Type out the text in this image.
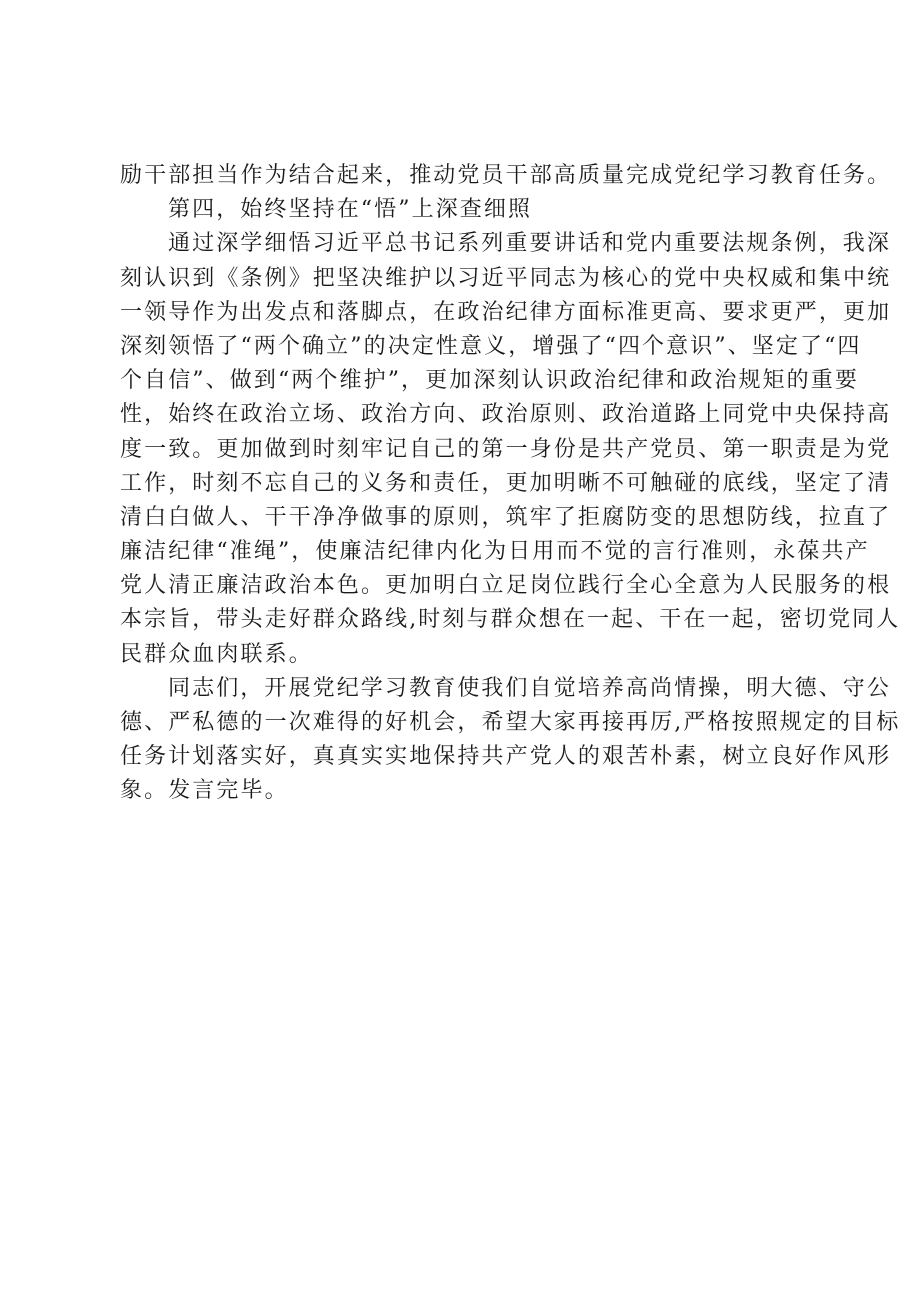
励干部担当作为结合起来，推动党员干部高质量完成党纪学习教育任务。
第四，始终坚持在“悟”上深查细照
通过深学细悟习近平总书记系列重要讲话和党内重要法规条例，我深
刻认识到《条例》把坚决维护以习近平同志为核心的党中央权威和集中统
一领导作为出发点和落脚点，在政治纪律方面标准更高、要求更严，更加
深刻领悟了“两个确立”的决定性意义，增强了“四个意识”、坚定了“四
个自信”、做到“两个维护”，更加深刻认识政治纪律和政治规矩的重要
性，始终在政治立场、政治方向、政治原则、政治道路上同党中央保持高
度一致。更加做到时刻牢记自己的第一身份是共产党员、第一职责是为党
工作，时刻不忘自己的义务和责任，更加明晰不可触碰的底线，坚定了清
清白白做人、干干净净做事的原则，筑牢了拒腐防变的思想防线，拉直了
廉洁纪律“准绳”，使廉洁纪律内化为日用而不觉的言行准则，永葆共产
党人清正廉洁政治本色。更加明白立足岗位践行全心全意为人民服务的根
本宗旨，带头走好群众路线,时刻与群众想在一起、干在一起，密切党同人
民群众血肉联系。
同志们，开展党纪学习教育使我们自觉培养高尚情操，明大德、守公
德、严私德的一次难得的好机会，希望大家再接再厉,严格按照规定的目标
任务计划落实好，真真实实地保持共产党人的艰苦朴素，树立良好作风形
象。发言完毕。
